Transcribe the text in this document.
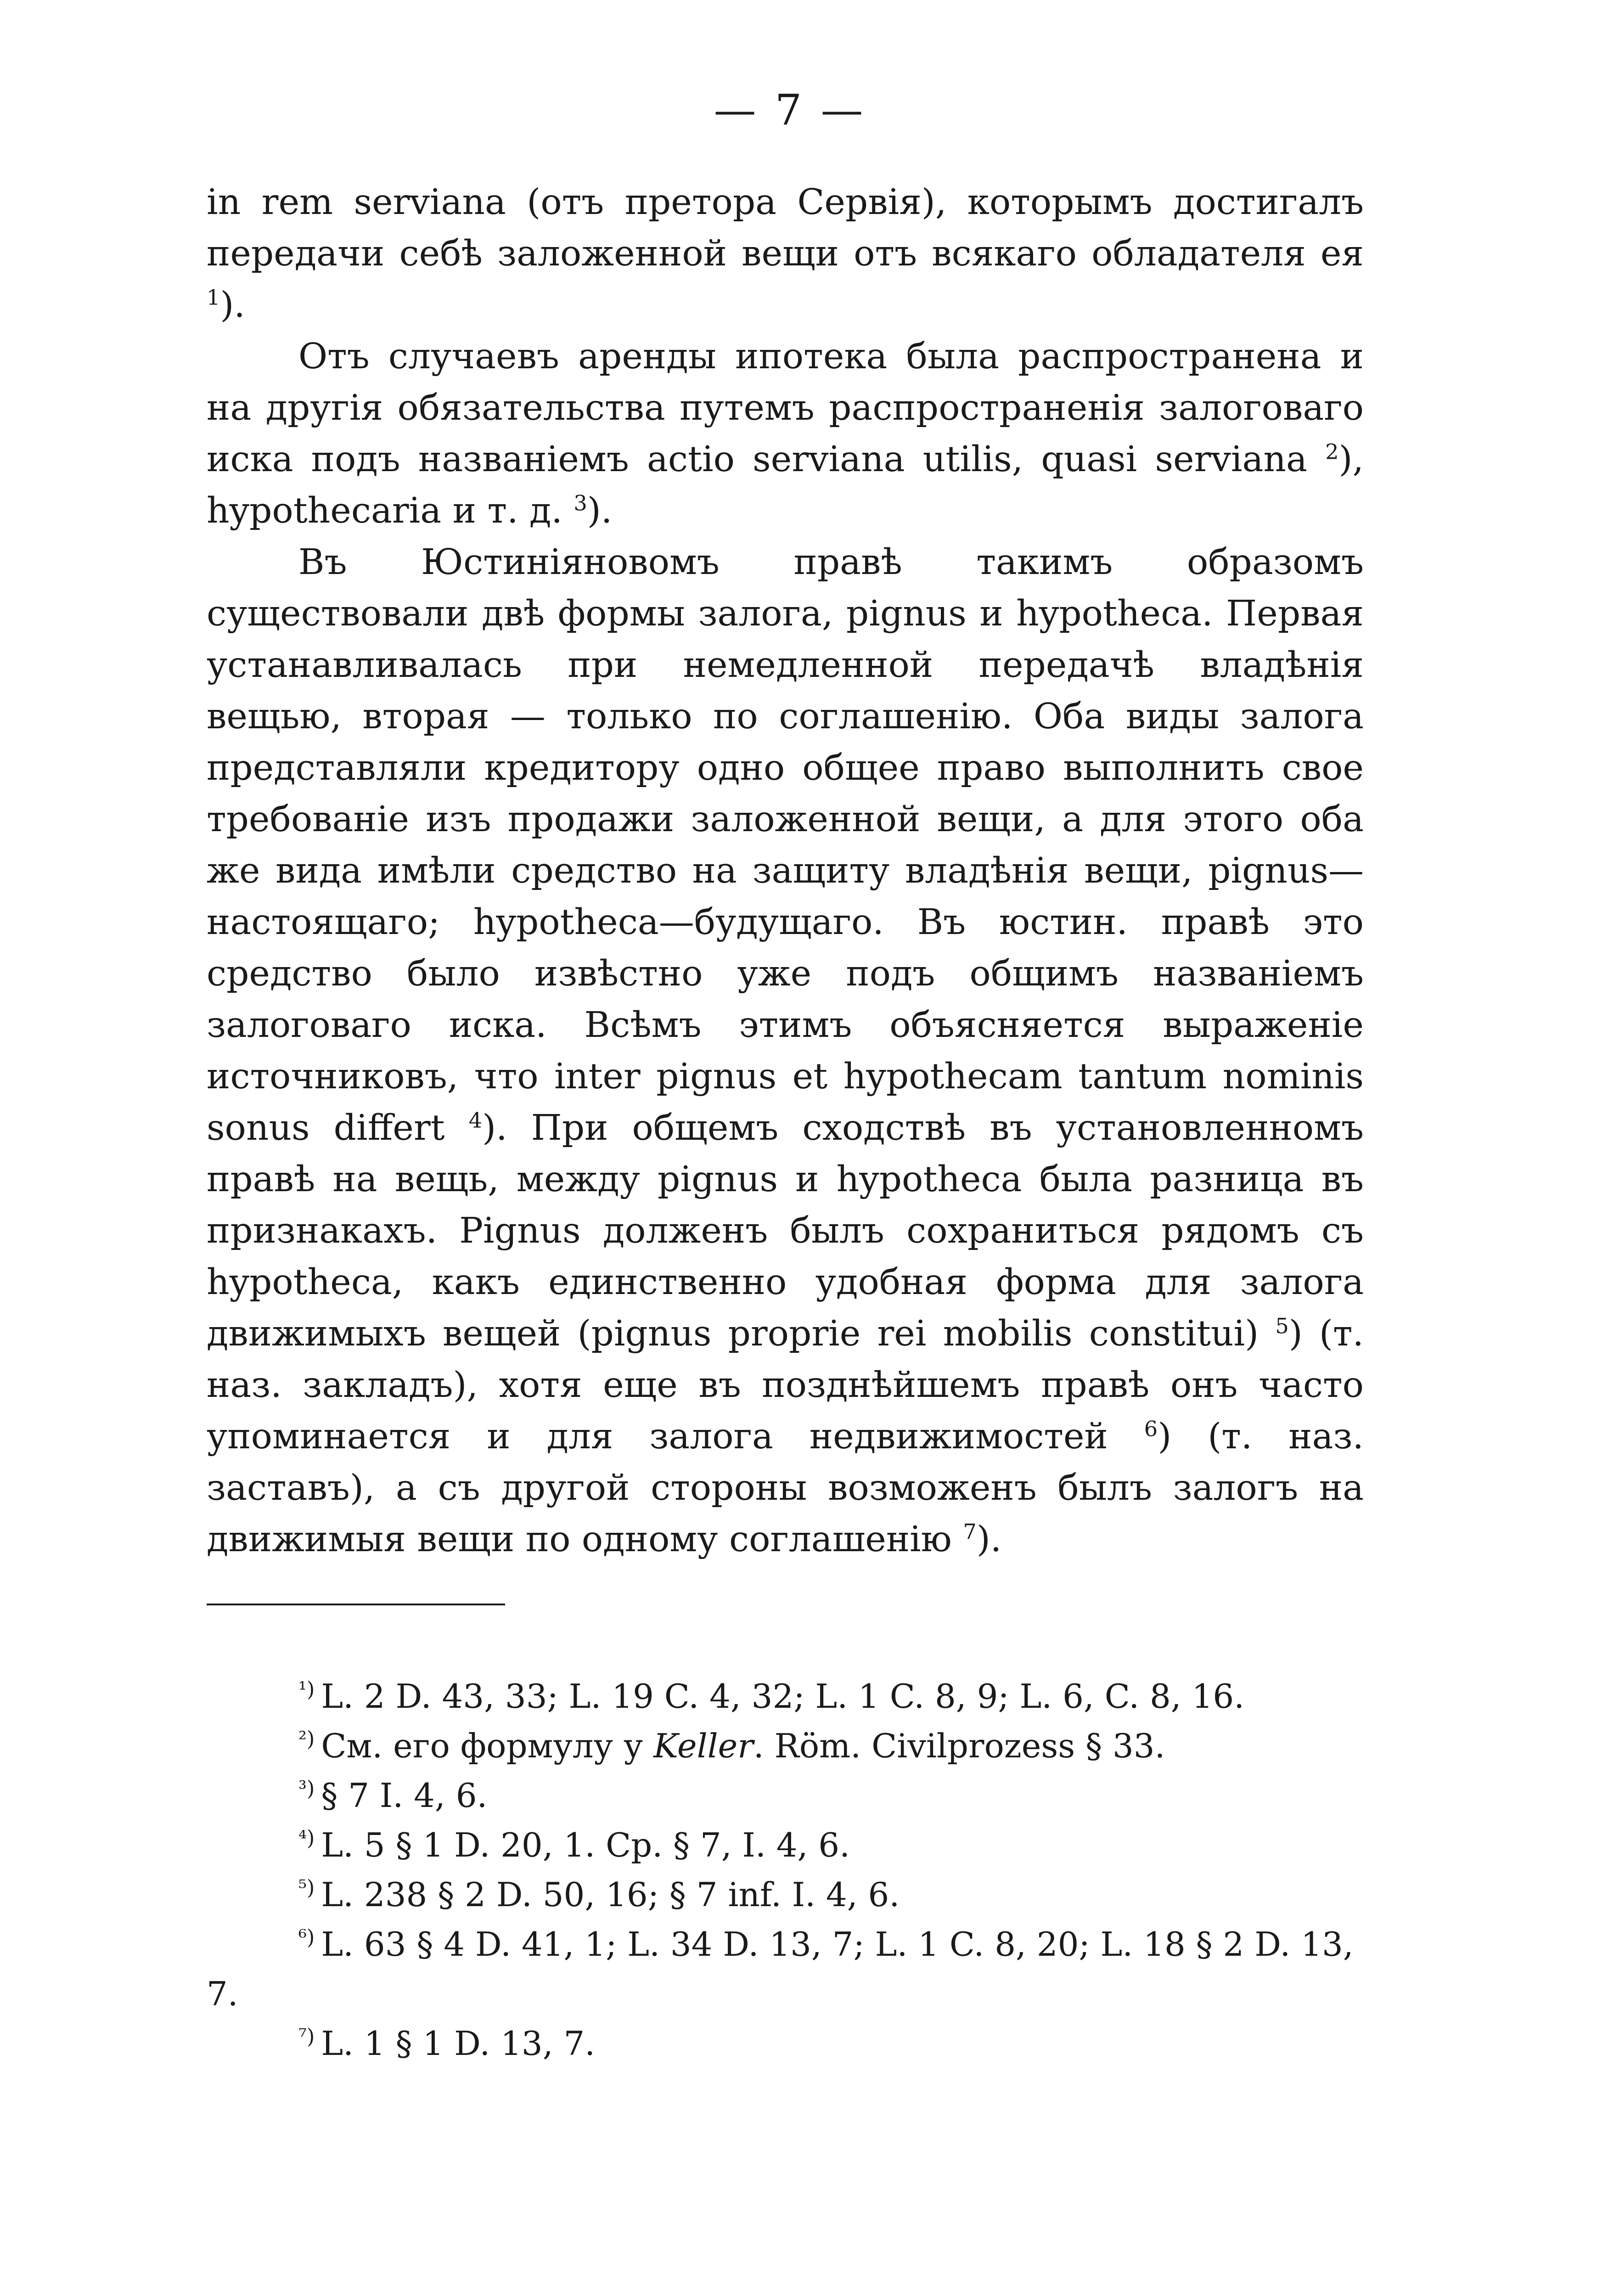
— 7 —

in rem serviana (отъ претора Сервія), которымъ достигалъ передачи себѣ заложенной вещи отъ всякаго обладателя ея $^1$).

Отъ случаевъ аренды ипотека была распространена и на другія обязательства путемъ распространенія залоговаго иска подъ названіемъ actio serviana utilis, quasi serviana $^2$), hypothecaria и т. д. $^3$).

Въ Юстиніяновомъ правѣ такимъ образомъ существовали двѣ формы залога, pignus и hypotheca. Первая устанавливалась при немедленной передачѣ владѣнія вещью, вторая — только по соглашенію. Оба виды залога представляли кредитору одно общее право выполнить свое требованіе изъ продажи заложенной вещи, а для этого оба же вида имѣли средство на защиту владѣнія вещи, pignus—настоящаго; hypotheca—будущаго. Въ юстин. правѣ это средство было извѣстно уже подъ общимъ названіемъ залоговаго иска. Всѣмъ этимъ объясняется выраженіе источниковъ, что inter pignus et hypothecam tantum nominis sonus differt $^4$). При общемъ сходствѣ въ установленномъ правѣ на вещь, между pignus и hypotheca была разница въ признакахъ. Pignus долженъ былъ сохраниться рядомъ съ hypotheca, какъ единственно удобная форма для залога движимыхъ вещей (pignus proprie rei mobilis constitui) $^5$) (т. наз. закладъ), хотя еще въ позднѣйшемъ правѣ онъ часто упоминается и для залога недвижимостей $^6$) (т. наз. заставъ), а съ другой стороны возможенъ былъ залогъ на движимыя вещи по одному соглашенію $^7$).

$^{^1)}$ L. 2 D. 43, 33; L. 19 C. 4, 32; L. 1 C. 8, 9; L. 6, C. 8, 16.

$^{^2)}$ См. его формулу у Keller. Röm. Civilprozess § 33.

$^{^3)}$ § 7 I. 4, 6.

$^{^4)}$ L. 5 § 1 D. 20, 1. Cp. § 7, I. 4, 6.

$^{^5)}$ L. 238 § 2 D. 50, 16; § 7 inf. I. 4, 6.

$^{^6)}$ L. 63 § 4 D. 41, 1; L. 34 D. 13, 7; L. 1 C. 8, 20; L. 18 § 2 D. 13, 7.

$^{^7)}$ L. 1 § 1 D. 13, 7.
